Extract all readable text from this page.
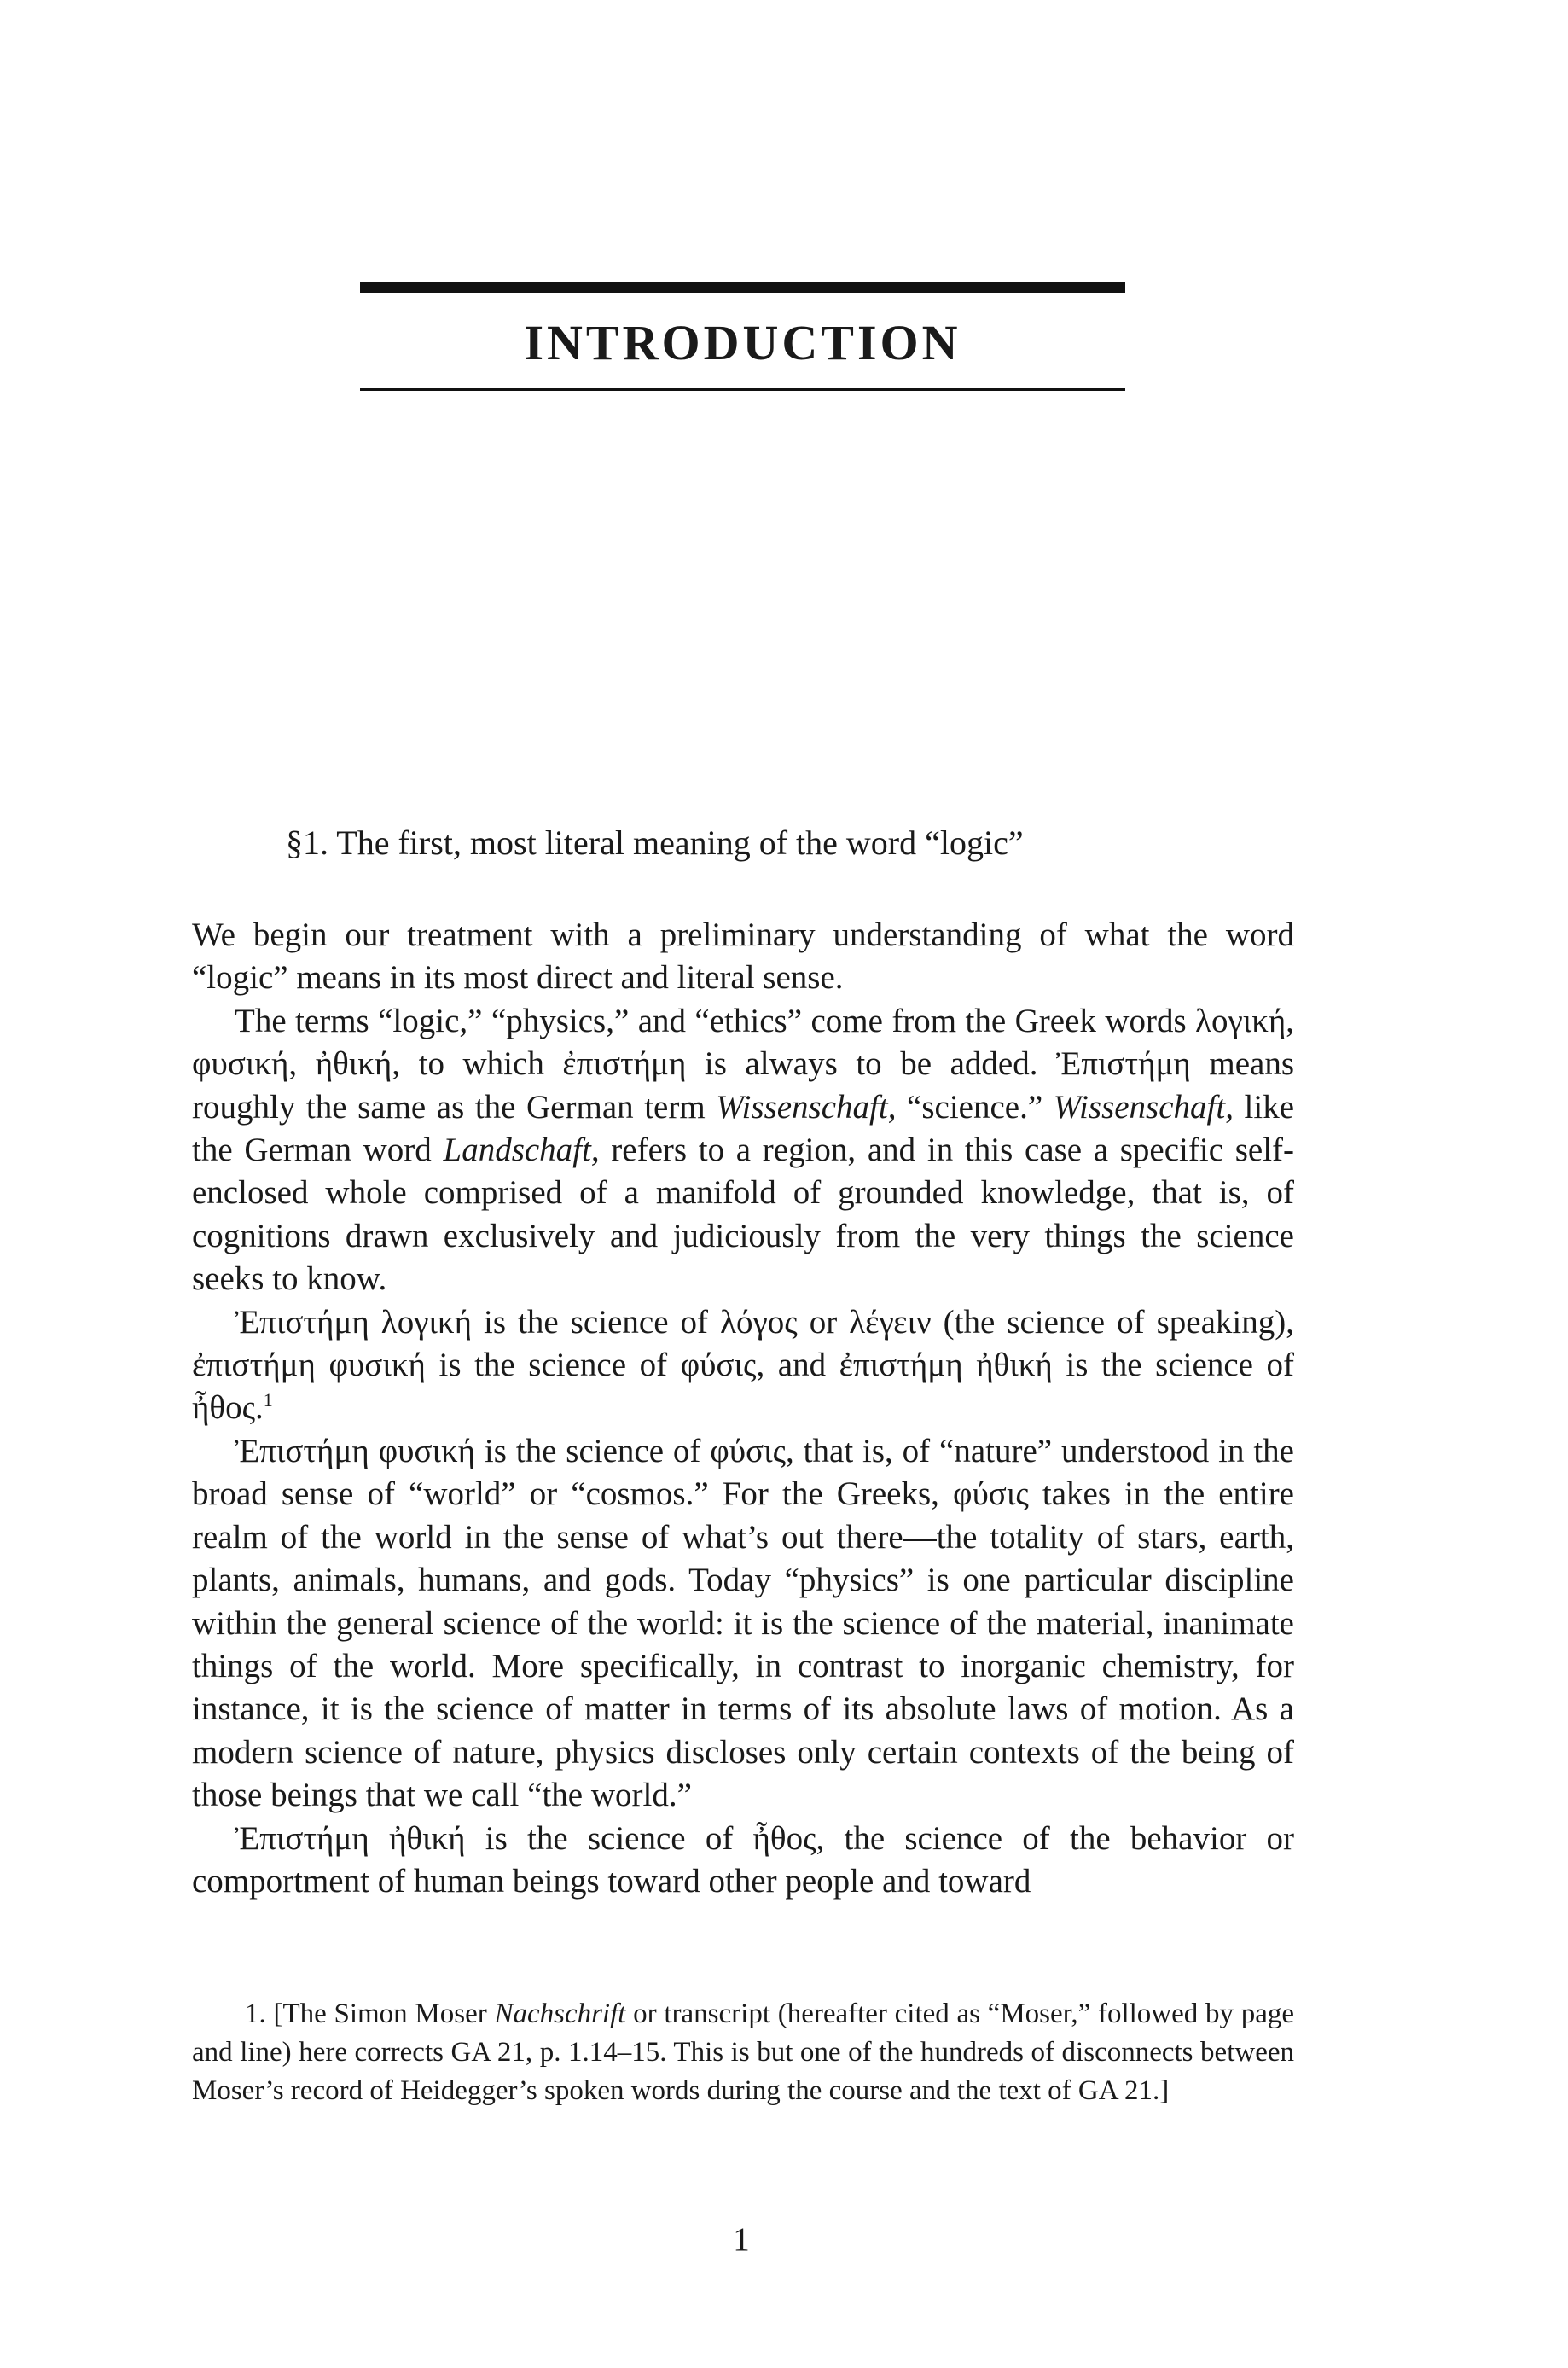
INTRODUCTION
§1. The first, most literal meaning of the word “logic”

We begin our treatment with a preliminary understanding of what the word “logic” means in its most direct and literal sense.

The terms “logic,” “physics,” and “ethics” come from the Greek words λογική, φυσική, ἠθική, to which ἐπιστήμη is always to be added. Ἐπιστήμη means roughly the same as the German term Wissenschaft, “science.” Wissenschaft, like the German word Landschaft, refers to a region, and in this case a specific self-enclosed whole comprised of a manifold of grounded knowledge, that is, of cognitions drawn exclusively and judiciously from the very things the science seeks to know.

Ἐπιστήμη λογική is the science of λόγος or λέγειν (the science of speaking), ἐπιστήμη φυσική is the science of φύσις, and ἐπιστήμη ἠθική is the science of ἦθος.$^1$

Ἐπιστήμη φυσική is the science of φύσις, that is, of “nature” understood in the broad sense of “world” or “cosmos.” For the Greeks, φύσις takes in the entire realm of the world in the sense of what’s out there—the totality of stars, earth, plants, animals, humans, and gods. Today “physics” is one particular discipline within the general science of the world: it is the science of the material, inanimate things of the world. More specifically, in contrast to inorganic chemistry, for instance, it is the science of matter in terms of its absolute laws of motion. As a modern science of nature, physics discloses only certain contexts of the being of those beings that we call “the world.”

Ἐπιστήμη ἠθική is the science of ἦθος, the science of the behavior or comportment of human beings toward other people and toward

1. [The Simon Moser Nachschrift or transcript (hereafter cited as “Moser,” followed by page and line) here corrects GA 21, p. 1.14–15. This is but one of the hundreds of disconnects between Moser’s record of Heidegger’s spoken words during the course and the text of GA 21.]
1
